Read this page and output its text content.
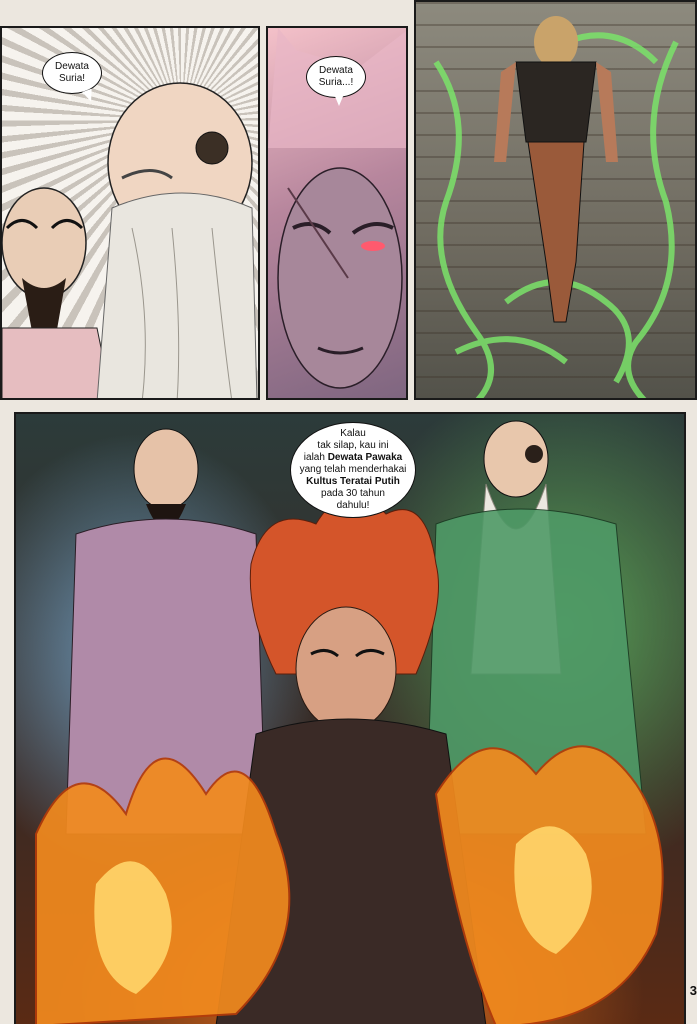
Dewata
Suria!
Dewata
Suria...!
Kalau
tak silap, kau ini
ialah Dewata Pawaka
yang telah menderhakai
Kultus Teratai Putih
pada 30 tahun
dahulu!
3
